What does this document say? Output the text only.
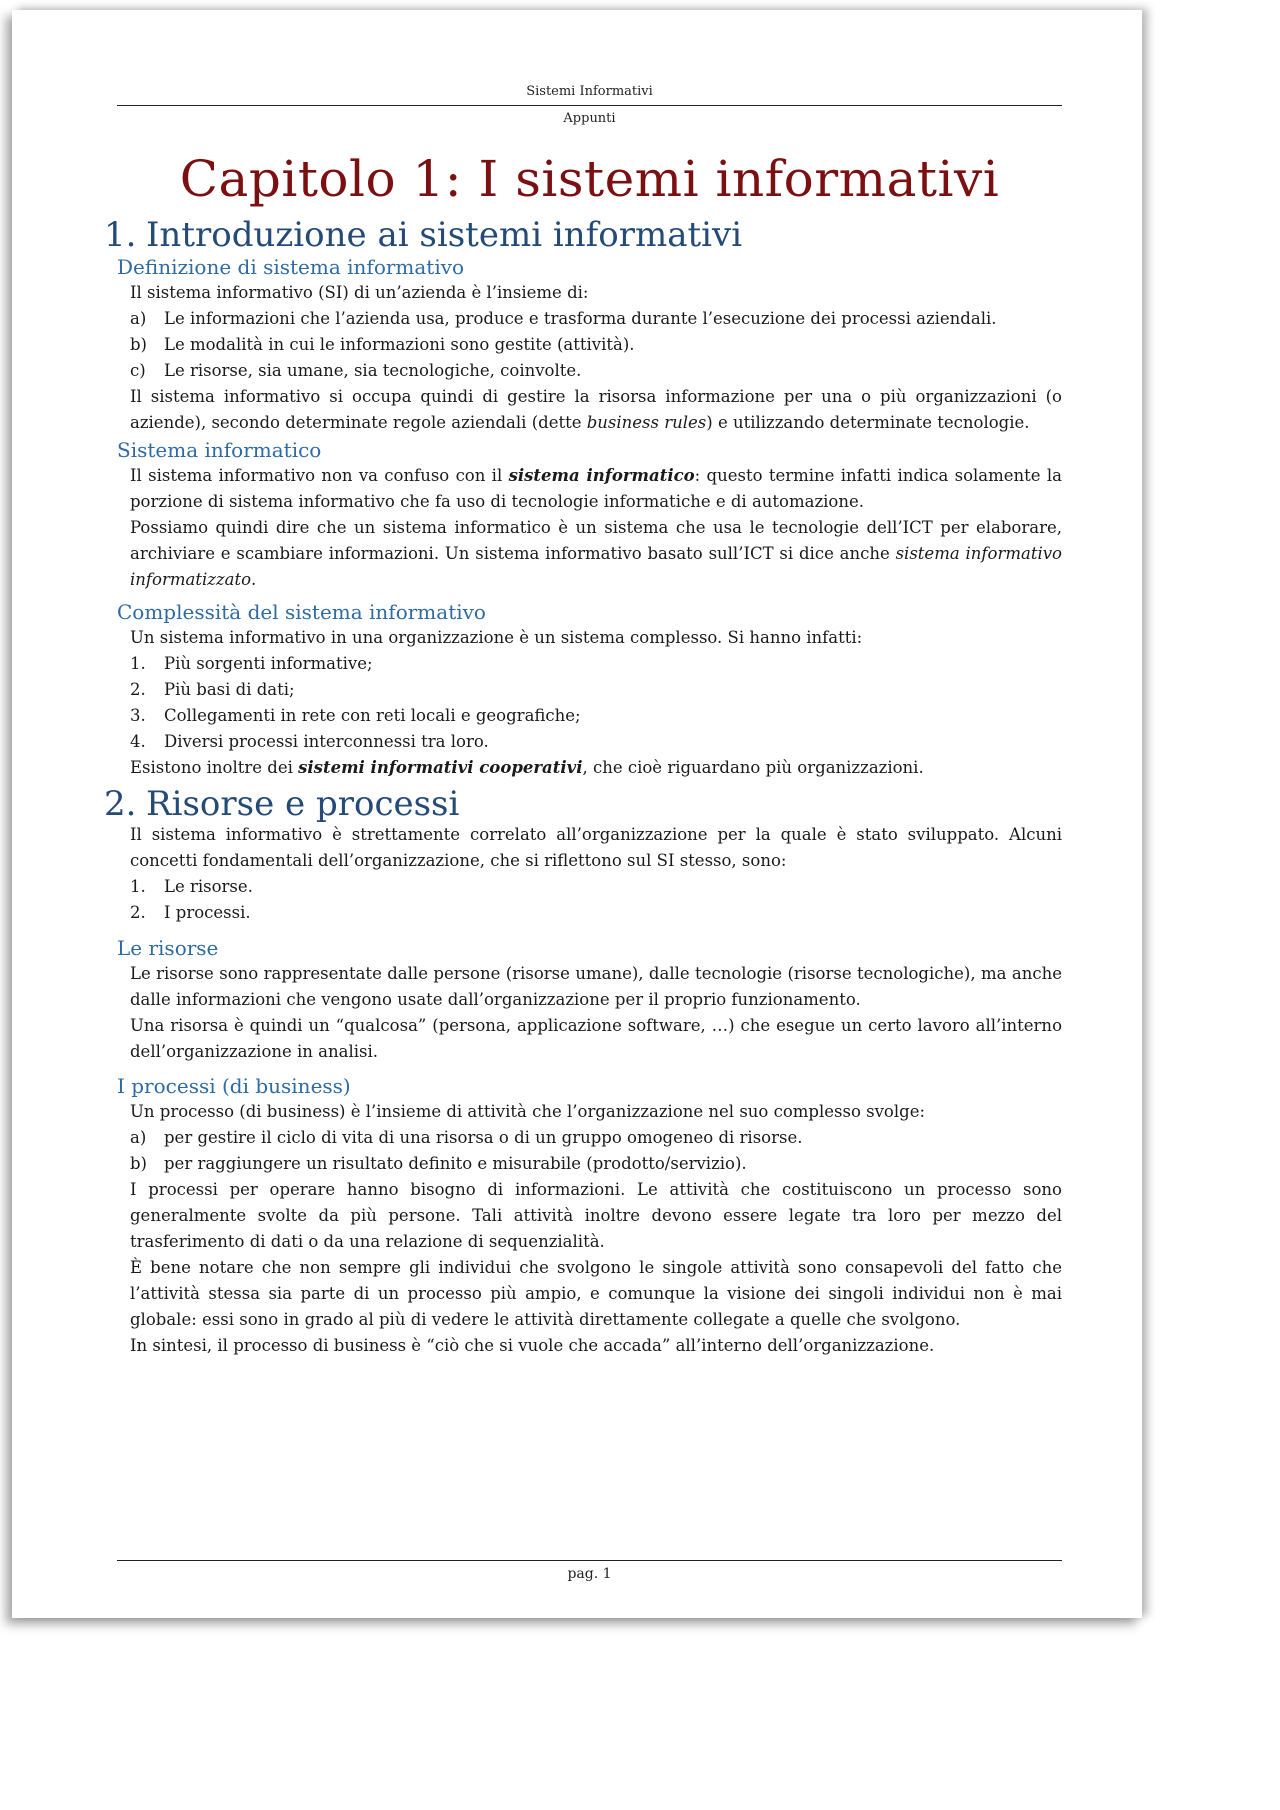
Sistemi Informativi
Appunti
Capitolo 1: I sistemi informativi
1. Introduzione ai sistemi informativi
Definizione di sistema informativo

Il sistema informativo (SI) di un’azienda è l’insieme di:

a)	Le informazioni che l’azienda usa, produce e trasforma durante l’esecuzione dei processi aziendali.
b)	Le modalità in cui le informazioni sono gestite (attività).
c)	Le risorse, sia umane, sia tecnologiche, coinvolte.

Il sistema informativo si occupa quindi di gestire la risorsa informazione per una o più organizzazioni (o aziende), secondo determinate regole aziendali (dette business rules) e utilizzando determinate tecnologie.

Sistema informatico

Il sistema informativo non va confuso con il sistema informatico: questo termine infatti indica solamente la porzione di sistema informativo che fa uso di tecnologie informatiche e di automazione.

Possiamo quindi dire che un sistema informatico è un sistema che usa le tecnologie dell’ICT per elaborare, archiviare e scambiare informazioni. Un sistema informativo basato sull’ICT si dice anche sistema informativo informatizzato.

Complessità del sistema informativo

Un sistema informativo in una organizzazione è un sistema complesso. Si hanno infatti:

1.	Più sorgenti informative;
2.	Più basi di dati;
3.	Collegamenti in rete con reti locali e geografiche;
4.	Diversi processi interconnessi tra loro.

Esistono inoltre dei sistemi informativi cooperativi, che cioè riguardano più organizzazioni.

2. Risorse e processi

Il sistema informativo è strettamente correlato all’organizzazione per la quale è stato sviluppato. Alcuni concetti fondamentali dell’organizzazione, che si riflettono sul SI stesso, sono:

1.	Le risorse.
2.	I processi.
Le risorse

Le risorse sono rappresentate dalle persone (risorse umane), dalle tecnologie (risorse tecnologiche), ma anche dalle informazioni che vengono usate dall’organizzazione per il proprio funzionamento.

Una risorsa è quindi un “qualcosa” (persona, applicazione software, …) che esegue un certo lavoro all’interno dell’organizzazione in analisi.

I processi (di business)

Un processo (di business) è l’insieme di attività che l’organizzazione nel suo complesso svolge:

a)	per gestire il ciclo di vita di una risorsa o di un gruppo omogeneo di risorse.
b)	per raggiungere un risultato definito e misurabile (prodotto/servizio).

I processi per operare hanno bisogno di informazioni. Le attività che costituiscono un processo sono generalmente svolte da più persone. Tali attività inoltre devono essere legate tra loro per mezzo del trasferimento di dati o da una relazione di sequenzialità.

È bene notare che non sempre gli individui che svolgono le singole attività sono consapevoli del fatto che l’attività stessa sia parte di un processo più ampio, e comunque la visione dei singoli individui non è mai globale: essi sono in grado al più di vedere le attività direttamente collegate a quelle che svolgono.

In sintesi, il processo di business è “ciò che si vuole che accada” all’interno dell’organizzazione.

pag. 1
